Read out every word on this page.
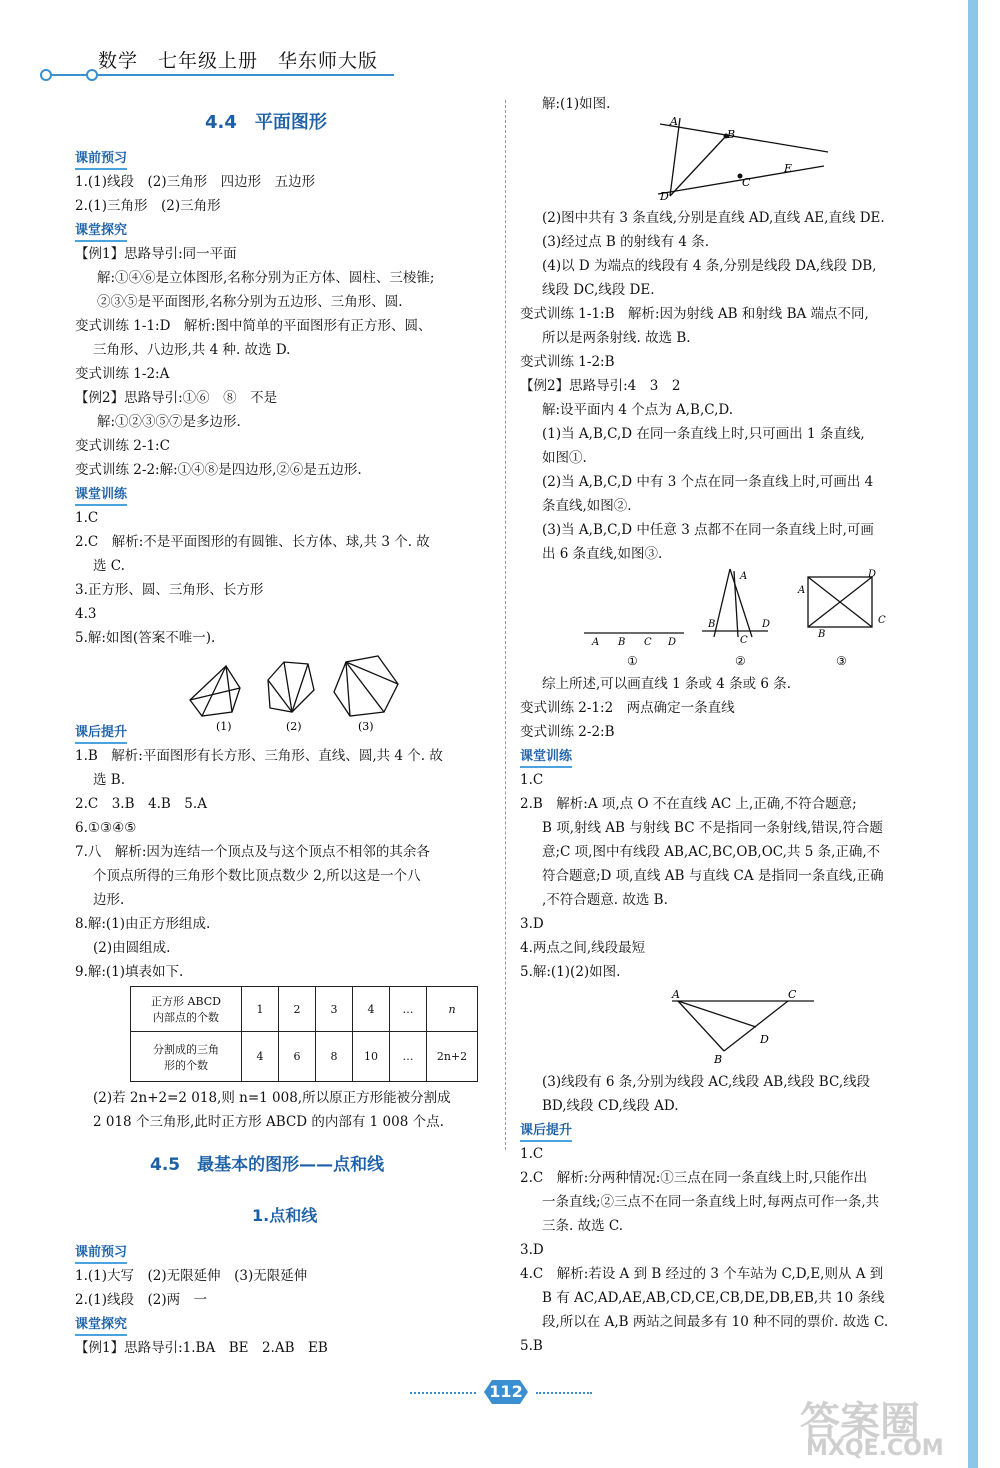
数学　七年级上册　华东师大版
4.4　平面图形
课前预习
1.(1)线段　(2)三角形　四边形　五边形
2.(1)三角形　(2)三角形
课堂探究
【例1】思路导引:同一平面
解:①④⑥是立体图形,名称分别为正方体、圆柱、三棱锥;
②③⑤是平面图形,名称分别为五边形、三角形、圆.
变式训练 1-1:D　解析:图中简单的平面图形有正方形、圆、
三角形、八边形,共 4 种. 故选 D.
变式训练 1-2:A
【例2】思路导引:①⑥　⑧　不是
解:①②③⑤⑦是多边形.
变式训练 2-1:C
变式训练 2-2:解:①④⑧是四边形,②⑥是五边形.
课堂训练
1.C
2.C　解析:不是平面图形的有圆锥、长方体、球,共 3 个. 故
选 C.
3.正方形、圆、三角形、长方形
4.3
5.解:如图(答案不唯一).
(1)	(2)	(3)
课后提升
1.B　解析:平面图形有长方形、三角形、直线、圆,共 4 个. 故
选 B.
2.C　3.B　4.B　5.A
6.①③④⑤
7.八　解析:因为连结一个顶点及与这个顶点不相邻的其余各
个顶点所得的三角形个数比顶点数少 2,所以这是一个八
边形.
8.解:(1)由正方形组成.
(2)由圆组成.
9.解:(1)填表如下.
正方形 ABCD
内部点的个数	1	2	3	4	…	n

分割成的三角
形的个数	4	6	8	10	…	2n+2
(2)若 2n+2=2 018,则 n=1 008,所以原正方形能被分割成
2 018 个三角形,此时正方形 ABCD 的内部有 1 008 个点.
4.5　最基本的图形——点和线
1.点和线
课前预习
1.(1)大写　(2)无限延伸　(3)无限延伸
2.(1)线段　(2)两　一
课堂探究
【例1】思路导引:1.BA　BE　2.AB　EB
解:(1)如图.
A
B
E
C
D
(2)图中共有 3 条直线,分别是直线 AD,直线 AE,直线 DE.
(3)经过点 B 的射线有 4 条.
(4)以 D 为端点的线段有 4 条,分别是线段 DA,线段 DB,
线段 DC,线段 DE.
变式训练 1-1:B　解析:因为射线 AB 和射线 BA 端点不同,
所以是两条射线. 故选 B.
变式训练 1-2:B
【例2】思路导引:4　3　2
解:设平面内 4 个点为 A,B,C,D.
(1)当 A,B,C,D 在同一条直线上时,只可画出 1 条直线,
如图①.
(2)当 A,B,C,D 中有 3 个点在同一条直线上时,可画出 4
条直线,如图②.
(3)当 A,B,C,D 中任意 3 点都不在同一条直线上时,可画
出 6 条直线,如图③.
A B C D
A
B
C
D
A
B
C
D
①	②	③
综上所述,可以画直线 1 条或 4 条或 6 条.
变式训练 2-1:2　两点确定一条直线
变式训练 2-2:B
课堂训练
1.C
2.B　解析:A 项,点 O 不在直线 AC 上,正确,不符合题意;
B 项,射线 AB 与射线 BC 不是指同一条射线,错误,符合题
意;C 项,图中有线段 AB,AC,BC,OB,OC,共 5 条,正确,不
符合题意;D 项,直线 AB 与直线 CA 是指同一条直线,正确
,不符合题意. 故选 B.
3.D
4.两点之间,线段最短
5.解:(1)(2)如图.
A	C
D
B
(3)线段有 6 条,分别为线段 AC,线段 AB,线段 BC,线段
BD,线段 CD,线段 AD.
课后提升
1.C
2.C　解析:分两种情况:①三点在同一条直线上时,只能作出
一条直线;②三点不在同一条直线上时,每两点可作一条,共
三条. 故选 C.
3.D
4.C　解析:若设 A 到 B 经过的 3 个车站为 C,D,E,则从 A 到
B 有 AC,AD,AE,AB,CD,CE,CB,DE,DB,EB,共 10 条线
段,所以在 A,B 两站之间最多有 10 种不同的票价. 故选 C.
5.B
112
答案圈
MXQE.COM
